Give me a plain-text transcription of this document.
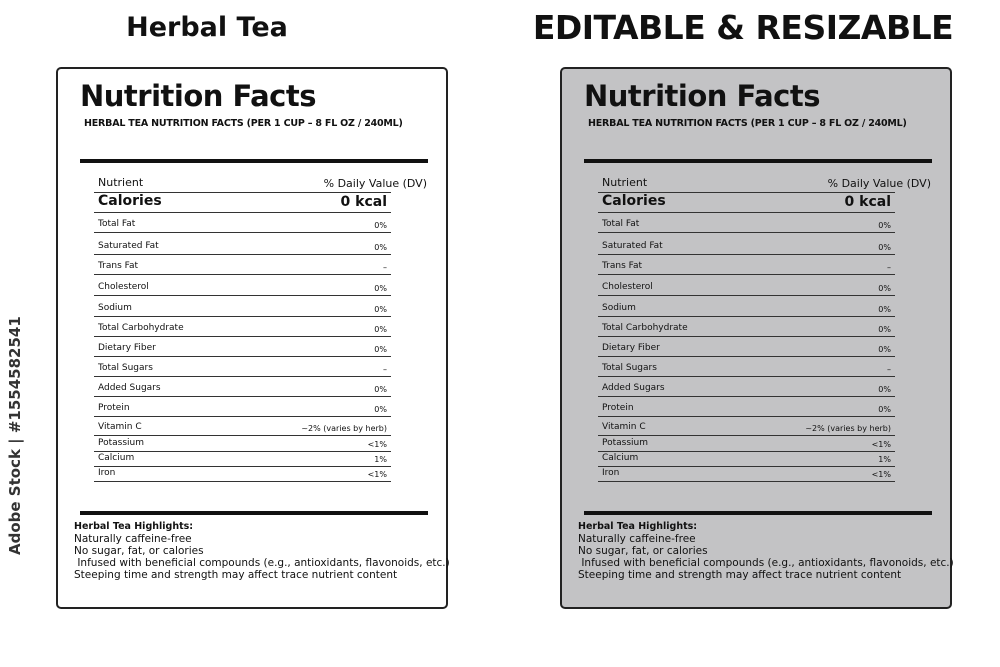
Herbal Tea	EDITABLE & RESIZABLE
Adobe Stock | #1554582541
Nutrition Facts
HERBAL TEA NUTRITION FACTS (PER 1 CUP – 8 FL OZ / 240ML)
Nutrient	% Daily Value (DV)
Calories	0 kcal
Total Fat	0%
Saturated Fat	0%
Trans Fat	–
Cholesterol	0%
Sodium	0%
Total Carbohydrate	0%
Dietary Fiber	0%
Total Sugars	–
Added Sugars	0%
Protein	0%
Vitamin C	~2% (varies by herb)
Potassium	<1%
Calcium	1%
Iron	<1%
Herbal Tea Highlights:
Naturally caffeine-free
No sugar, fat, or calories
Infused with beneficial compounds (e.g., antioxidants, flavonoids, etc.)
Steeping time and strength may affect trace nutrient content
Nutrition Facts
HERBAL TEA NUTRITION FACTS (PER 1 CUP – 8 FL OZ / 240ML)
Nutrient	% Daily Value (DV)
Calories	0 kcal
Total Fat	0%
Saturated Fat	0%
Trans Fat	–
Cholesterol	0%
Sodium	0%
Total Carbohydrate	0%
Dietary Fiber	0%
Total Sugars	–
Added Sugars	0%
Protein	0%
Vitamin C	~2% (varies by herb)
Potassium	<1%
Calcium	1%
Iron	<1%
Herbal Tea Highlights:
Naturally caffeine-free
No sugar, fat, or calories
Infused with beneficial compounds (e.g., antioxidants, flavonoids, etc.)
Steeping time and strength may affect trace nutrient content
